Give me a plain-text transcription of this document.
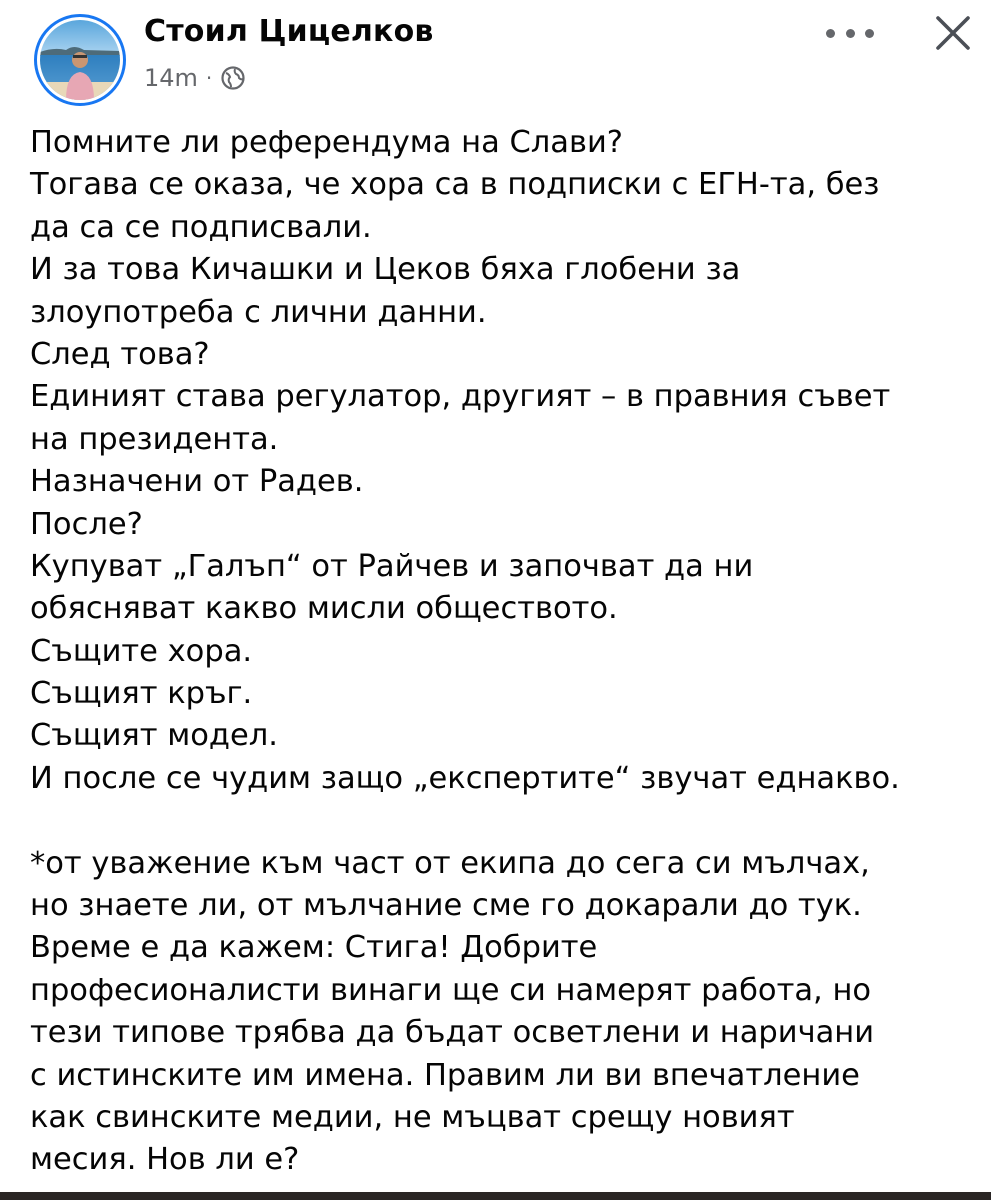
Стоил Цицелков
14m ·
Помните ли референдума на Слави?
Тогава се оказа, че хора са в подписки с ЕГН-та, без
да са се подписвали.
И за това Кичашки и Цеков бяха глобени за
злоупотреба с лични данни.
След това?
Единият става регулатор, другият – в правния съвет
на президента.
Назначени от Радев.
После?
Купуват „Галъп“ от Райчев и започват да ни
обясняват какво мисли обществото.
Същите хора.
Същият кръг.
Същият модел.
И после се чудим защо „експертите“ звучат еднакво.
*от уважение към част от екипа до сега си мълчах,
но знаете ли, от мълчание сме го докарали до тук.
Време е да кажем: Стига! Добрите
професионалисти винаги ще си намерят работа, но
тези типове трябва да бъдат осветлени и наричани
с истинските им имена. Правим ли ви впечатление
как свинските медии, не мъцват срещу новият
месия. Нов ли е?
